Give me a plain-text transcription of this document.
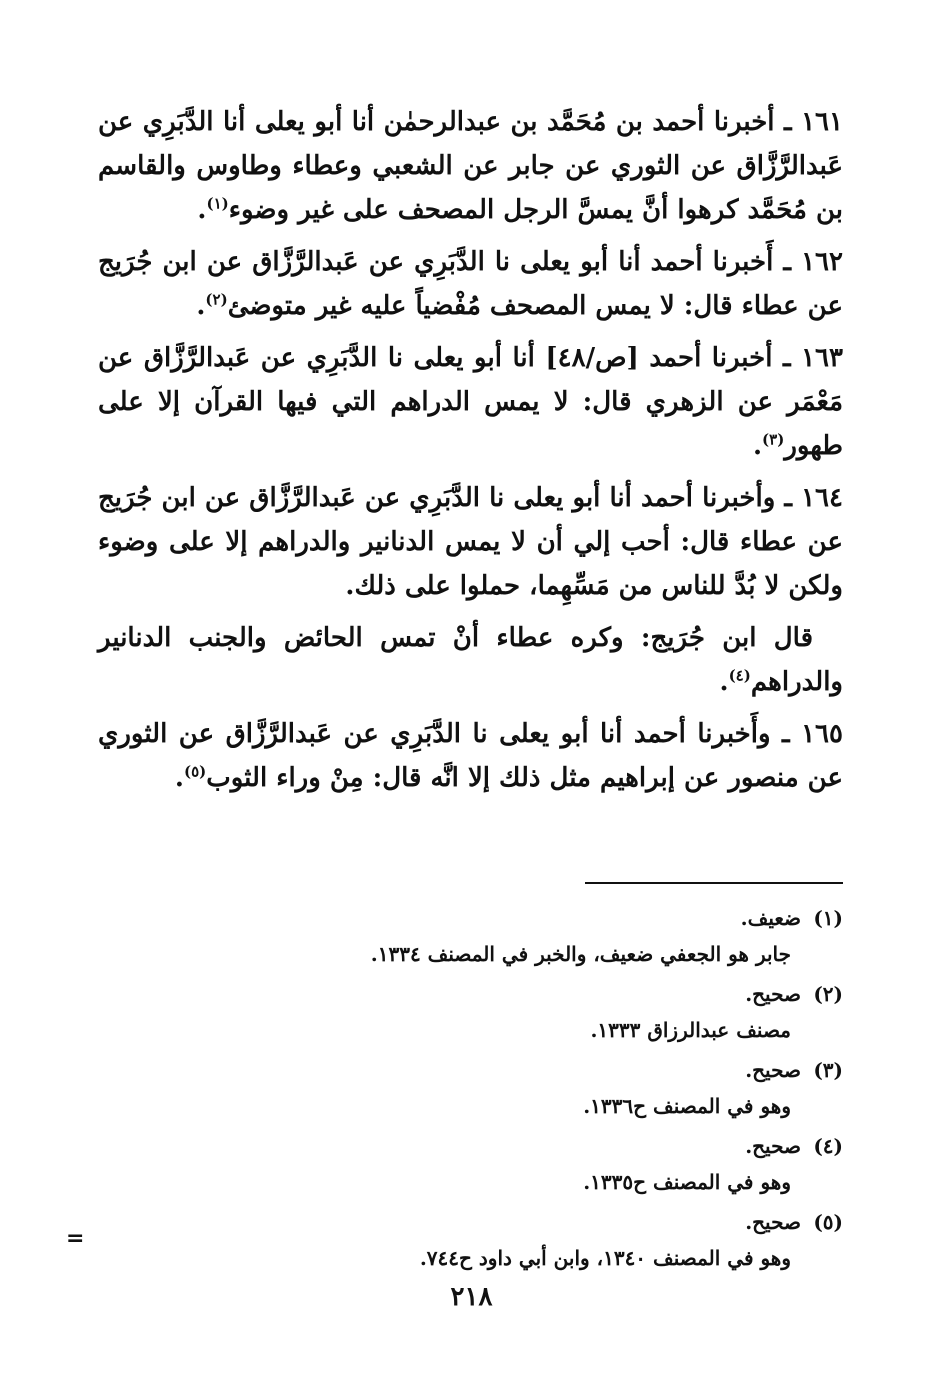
١٦١ ـ أخبرنا أحمد بن مُحَمَّد بن عبدالرحمٰن أنا أبو يعلى أنا الدَّبَرِي عن عَبدالرَّزَّاق عن الثوري عن جابر عن الشعبي وعطاء وطاوس والقاسم بن مُحَمَّد كرهوا أنَّ يمسَّ الرجل المصحف على غير وضوء$^{(١)}$.

١٦٢ ـ أَخبرنا أحمد أنا أبو يعلى نا الدَّبَرِي عن عَبدالرَّزَّاق عن ابن جُرَيج عن عطاء قال: لا يمس المصحف مُفْضياً عليه غير متوضئ$^{(٢)}$.

١٦٣ ـ أخبرنا أحمد [ص/٤٨] أنا أبو يعلى نا الدَّبَرِي عن عَبدالرَّزَّاق عن مَعْمَر عن الزهري قال: لا يمس الدراهم التي فيها القرآن إلا على طهور$^{(٣)}$.

١٦٤ ـ وأخبرنا أحمد أنا أبو يعلى نا الدَّبَرِي عن عَبدالرَّزَّاق عن ابن جُرَيج عن عطاء قال: أحب إلي أن لا يمس الدنانير والدراهم إلا على وضوء ولكن لا بُدَّ للناس من مَسِّهِما، حملوا على ذلك.

قال ابن جُرَيج: وكره عطاء أنْ تمس الحائض والجنب الدنانير والدراهم$^{(٤)}$.

١٦٥ ـ وأَخبرنا أحمد أنا أبو يعلى نا الدَّبَرِي عن عَبدالرَّزَّاق عن الثوري عن منصور عن إبراهيم مثل ذلك إلا انَّه قال: مِنْ وراء الثوب$^{(٥)}$.

(١)ضعيف.
جابر هو الجعفي ضعيف، والخبر في المصنف ١٣٣٤.
(٢)صحيح.
مصنف عبدالرزاق ١٣٣٣.
(٣)صحيح.
وهو في المصنف ح١٣٣٦.
(٤)صحيح.
وهو في المصنف ح١٣٣٥.
(٥)صحيح.
وهو في المصنف ١٣٤٠، وابن أبي داود ح٧٤٤.
=
٢١٨
